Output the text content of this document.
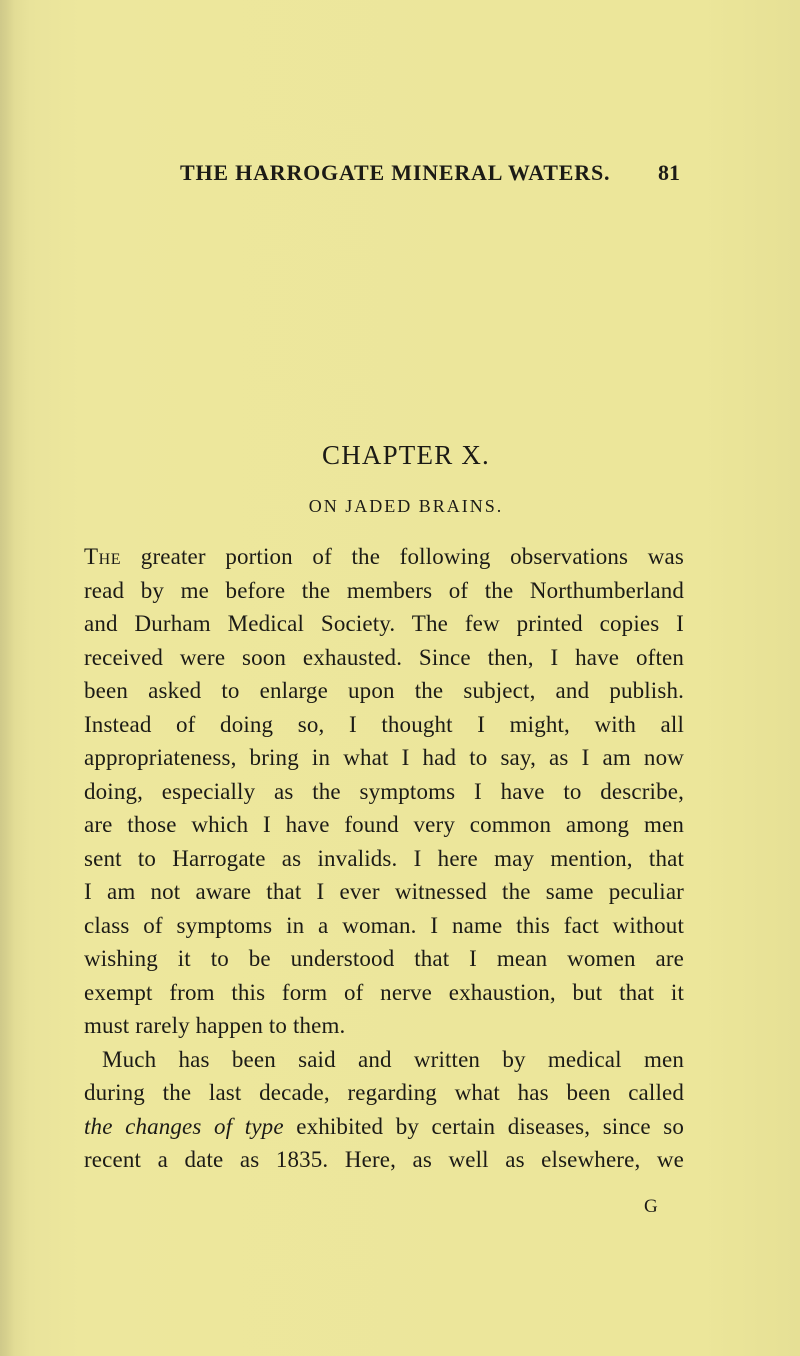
THE HARROGATE MINERAL WATERS. 81
CHAPTER X.
ON JADED BRAINS.
The greater portion of the following observations was
read by me before the members of the Northumberland
and Durham Medical Society. The few printed copies I
received were soon exhausted. Since then, I have often
been asked to enlarge upon the subject, and publish.
Instead of doing so, I thought I might, with all
appropriateness, bring in what I had to say, as I am now
doing, especially as the symptoms I have to describe,
are those which I have found very common among men
sent to Harrogate as invalids. I here may mention, that
I am not aware that I ever witnessed the same peculiar
class of symptoms in a woman. I name this fact without
wishing it to be understood that I mean women are
exempt from this form of nerve exhaustion, but that it
must rarely happen to them.
Much has been said and written by medical men
during the last decade, regarding what has been called
the changes of type exhibited by certain diseases, since so
recent a date as 1835. Here, as well as elsewhere, we
G
